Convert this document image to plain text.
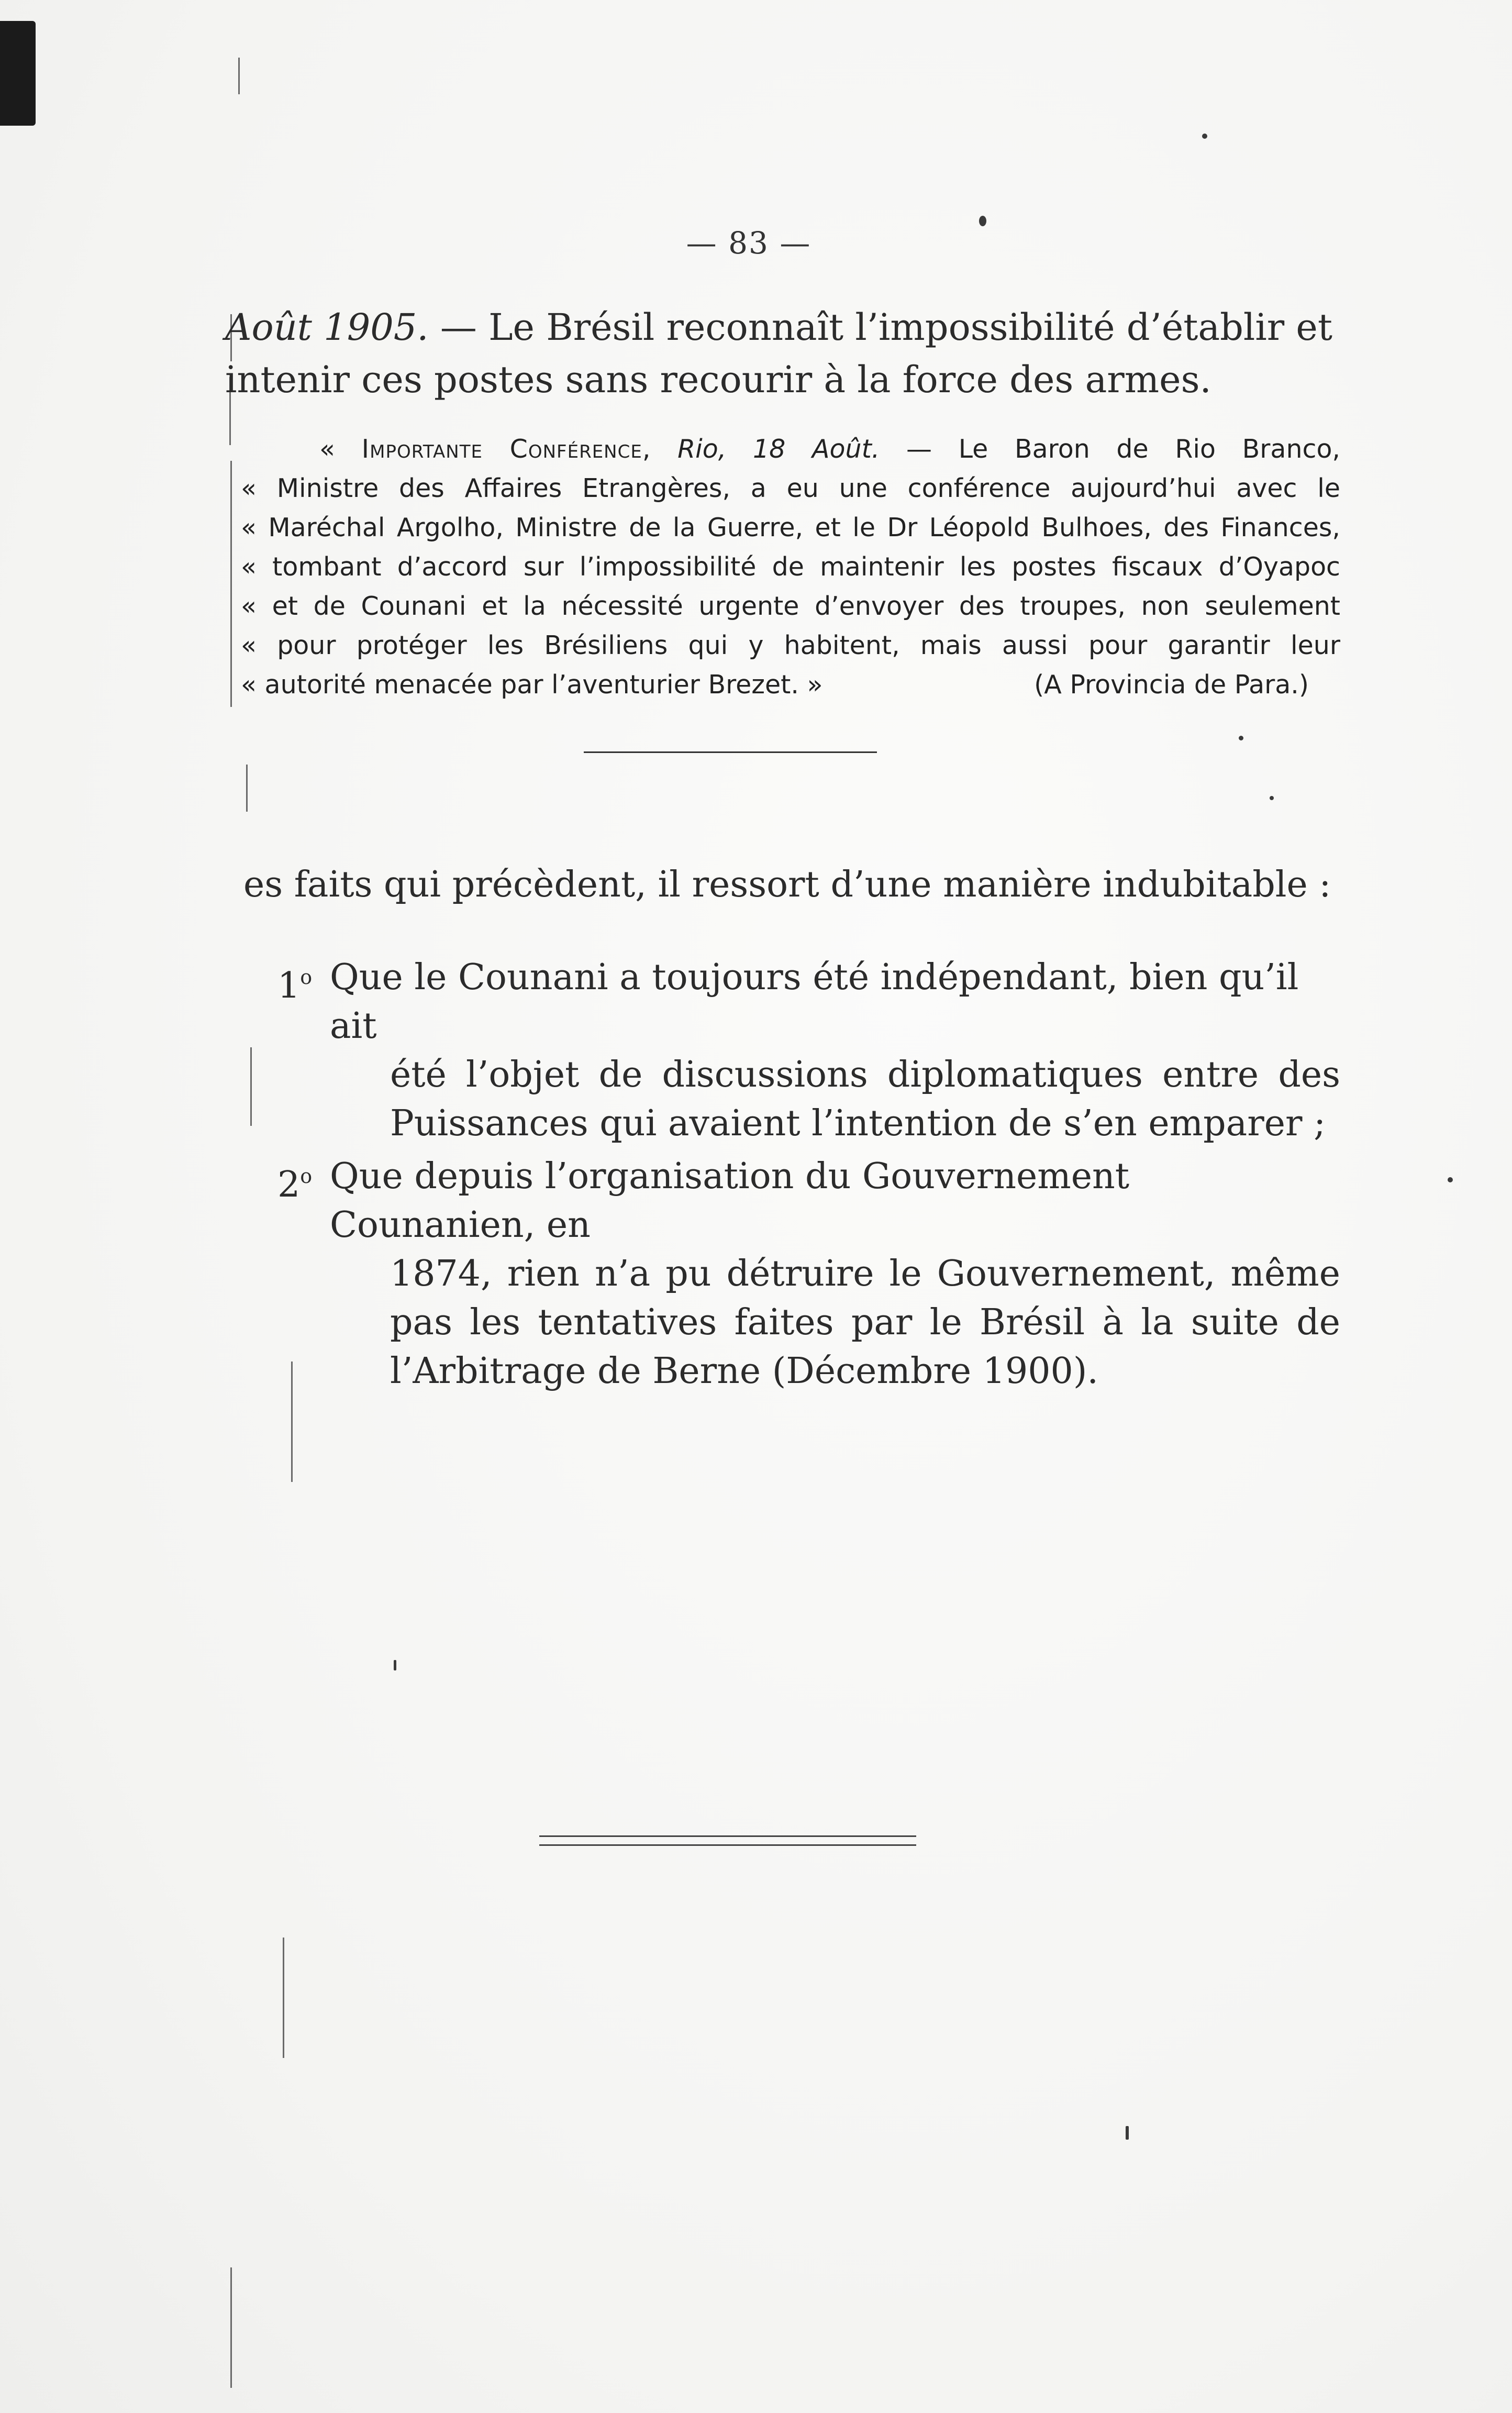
— 83 —
Août 1905. — Le Brésil reconnaît l’impossibilité d’établir et
intenir ces postes sans recourir à la force des armes.

« Importante Conférence, Rio, 18 Août. — Le Baron de Rio Branco,

« Ministre des Affaires Etrangères, a eu une conférence aujourd’hui avec le

« Maréchal Argolho, Ministre de la Guerre, et le Dr Léopold Bulhoes, des Finances,

« tombant d’accord sur l’impossibilité de maintenir les postes fiscaux d’Oyapoc

« et de Counani et la nécessité urgente d’envoyer des troupes, non seulement

« pour protéger les Brésiliens qui y habitent, mais aussi pour garantir leur

« autorité menacée par l’aventurier Brezet. »	(A Provincia de Para.)

es faits qui précèdent, il ressort d’une manière indubitable :
1$^o$ Que le Counani a toujours été indépendant, bien qu’il ait
été l’objet de discussions diplomatiques entre des Puissances qui avaient l’intention de s’en emparer ;
2$^o$ Que depuis l’organisation du Gouvernement Counanien, en
1874, rien n’a pu détruire le Gouvernement, même pas les tentatives faites par le Brésil à la suite de l’Arbitrage de Berne (Décembre 1900).
